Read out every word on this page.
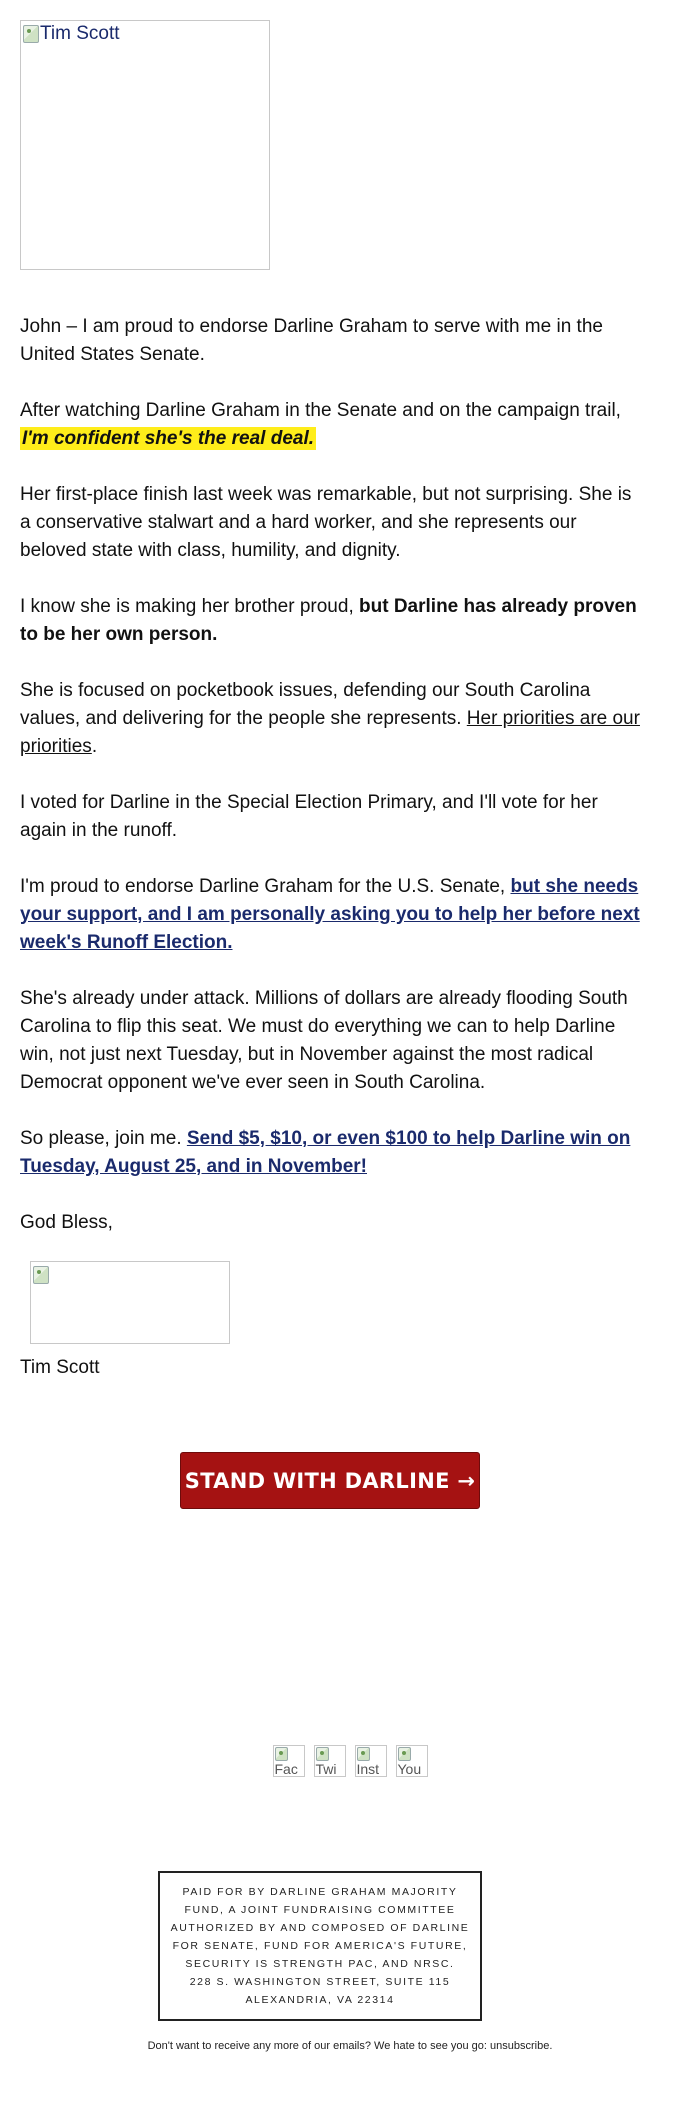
Tim Scott

John – I am proud to endorse Darline Graham to serve with me in the United States Senate.

After watching Darline Graham in the Senate and on the campaign trail, I'm confident she's the real deal.

Her first-place finish last week was remarkable, but not surprising. She is a conservative stalwart and a hard worker, and she represents our beloved state with class, humility, and dignity.

I know she is making her brother proud, but Darline has already proven to be her own person.

She is focused on pocketbook issues, defending our South Carolina values, and delivering for the people she represents. Her priorities are our priorities.

I voted for Darline in the Special Election Primary, and I'll vote for her again in the runoff.

I'm proud to endorse Darline Graham for the U.S. Senate, but she needs your support, and I am personally asking you to help her before next week's Runoff Election.

She's already under attack. Millions of dollars are already flooding South Carolina to flip this seat. We must do everything we can to help Darline win, not just next Tuesday, but in November against the most radical Democrat opponent we've ever seen in South Carolina.

So please, join me. Send $5, $10, or even $100 to help Darline win on Tuesday, August 25, and in November!

God Bless,

Tim Scott

STAND WITH DARLINE →
Fac Twi Inst You
PAID FOR BY DARLINE GRAHAM MAJORITY FUND, A JOINT FUNDRAISING COMMITTEE AUTHORIZED BY AND COMPOSED OF DARLINE FOR SENATE, FUND FOR AMERICA'S FUTURE, SECURITY IS STRENGTH PAC, AND NRSC.
228 S. WASHINGTON STREET, SUITE 115
ALEXANDRIA, VA 22314
Don't want to receive any more of our emails? We hate to see you go: unsubscribe.
